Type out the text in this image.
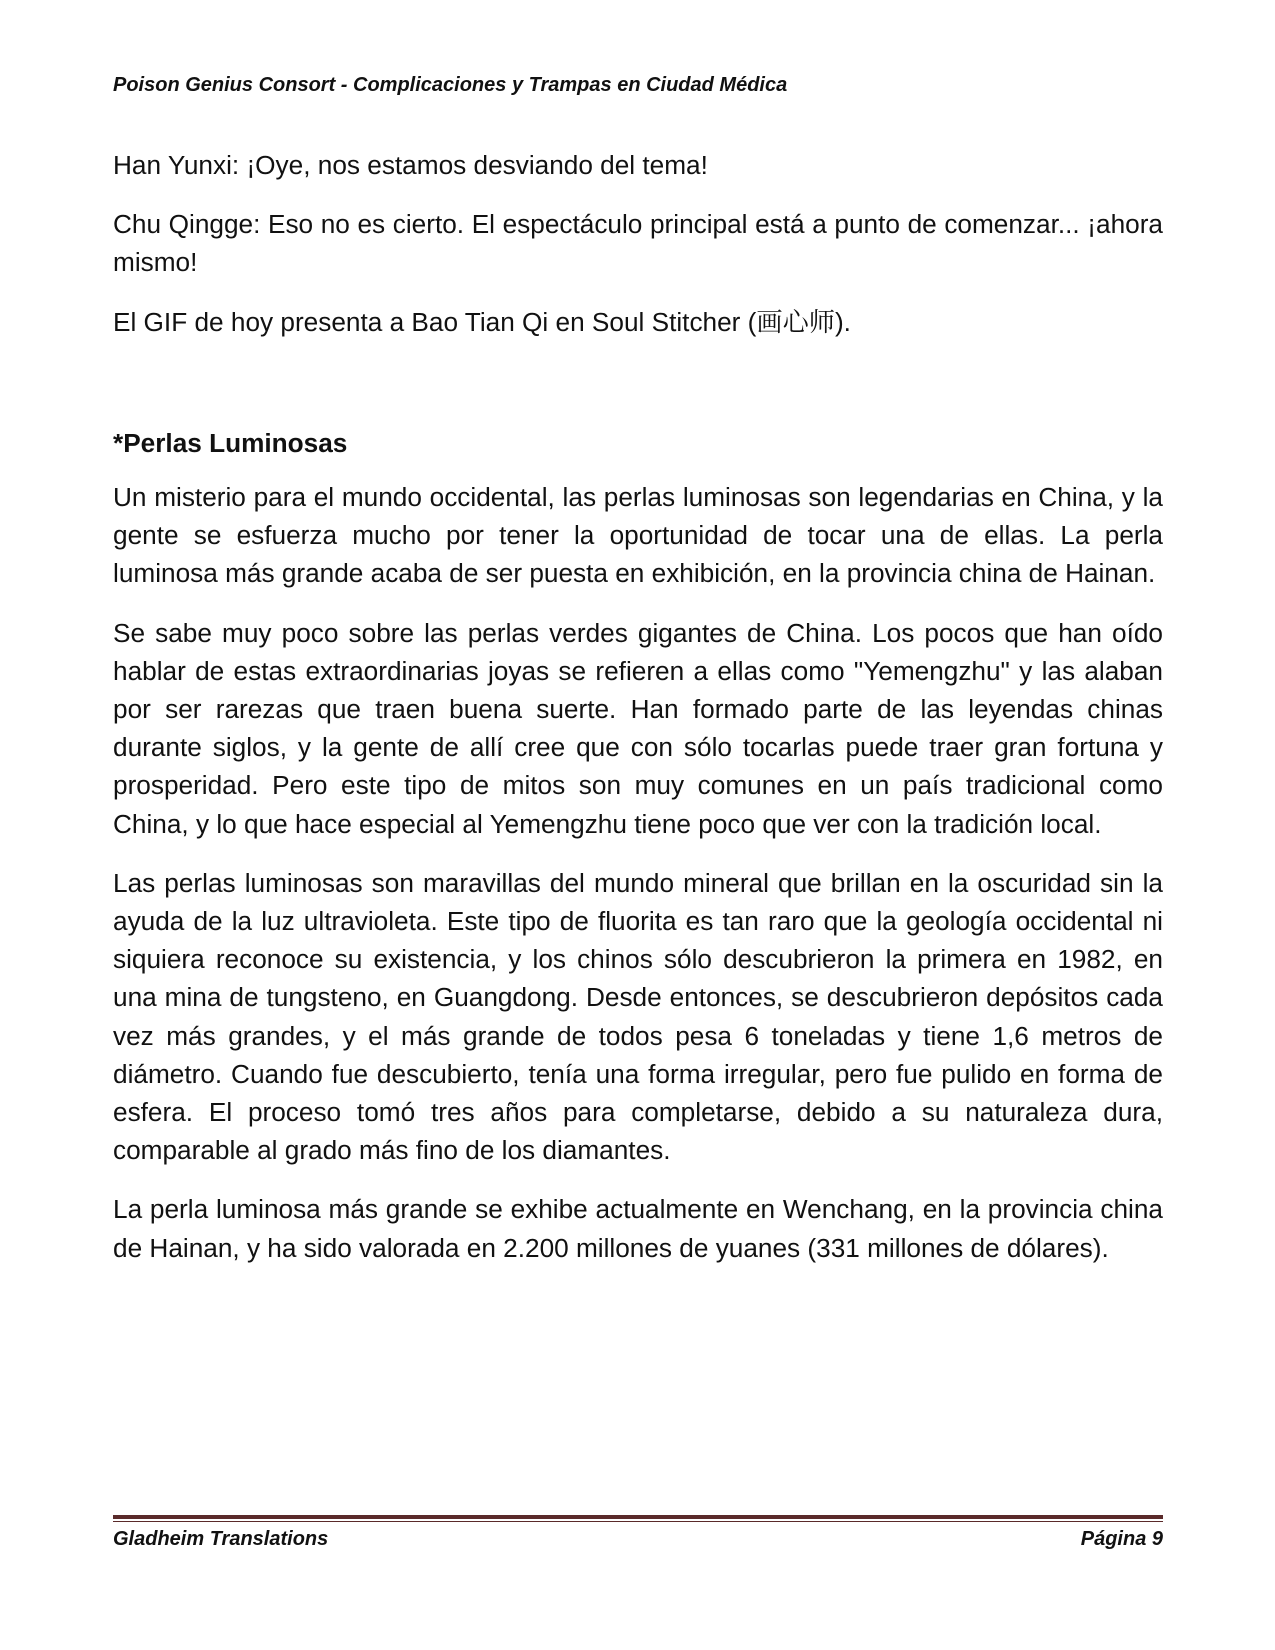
Poison Genius Consort - Complicaciones y Trampas en Ciudad Médica

Han Yunxi: ¡Oye, nos estamos desviando del tema!

Chu Qingge: Eso no es cierto. El espectáculo principal está a punto de comenzar... ¡ahora mismo!

El GIF de hoy presenta a Bao Tian Qi en Soul Stitcher (画心师).

*Perlas Luminosas

Un misterio para el mundo occidental, las perlas luminosas son legendarias en China, y la gente se esfuerza mucho por tener la oportunidad de tocar una de ellas. La perla luminosa más grande acaba de ser puesta en exhibición, en la provincia china de Hainan.

Se sabe muy poco sobre las perlas verdes gigantes de China. Los pocos que han oído hablar de estas extraordinarias joyas se refieren a ellas como "Yemengzhu" y las alaban por ser rarezas que traen buena suerte. Han formado parte de las leyendas chinas durante siglos, y la gente de allí cree que con sólo tocarlas puede traer gran fortuna y prosperidad. Pero este tipo de mitos son muy comunes en un país tradicional como China, y lo que hace especial al Yemengzhu tiene poco que ver con la tradición local.

Las perlas luminosas son maravillas del mundo mineral que brillan en la oscuridad sin la ayuda de la luz ultravioleta. Este tipo de fluorita es tan raro que la geología occidental ni siquiera reconoce su existencia, y los chinos sólo descubrieron la primera en 1982, en una mina de tungsteno, en Guangdong. Desde entonces, se descubrieron depósitos cada vez más grandes, y el más grande de todos pesa 6 toneladas y tiene 1,6 metros de diámetro. Cuando fue descubierto, tenía una forma irregular, pero fue pulido en forma de esfera. El proceso tomó tres años para completarse, debido a su naturaleza dura, comparable al grado más fino de los diamantes.

La perla luminosa más grande se exhibe actualmente en Wenchang, en la provincia china de Hainan, y ha sido valorada en 2.200 millones de yuanes (331 millones de dólares).

Gladheim Translations	Página 9
